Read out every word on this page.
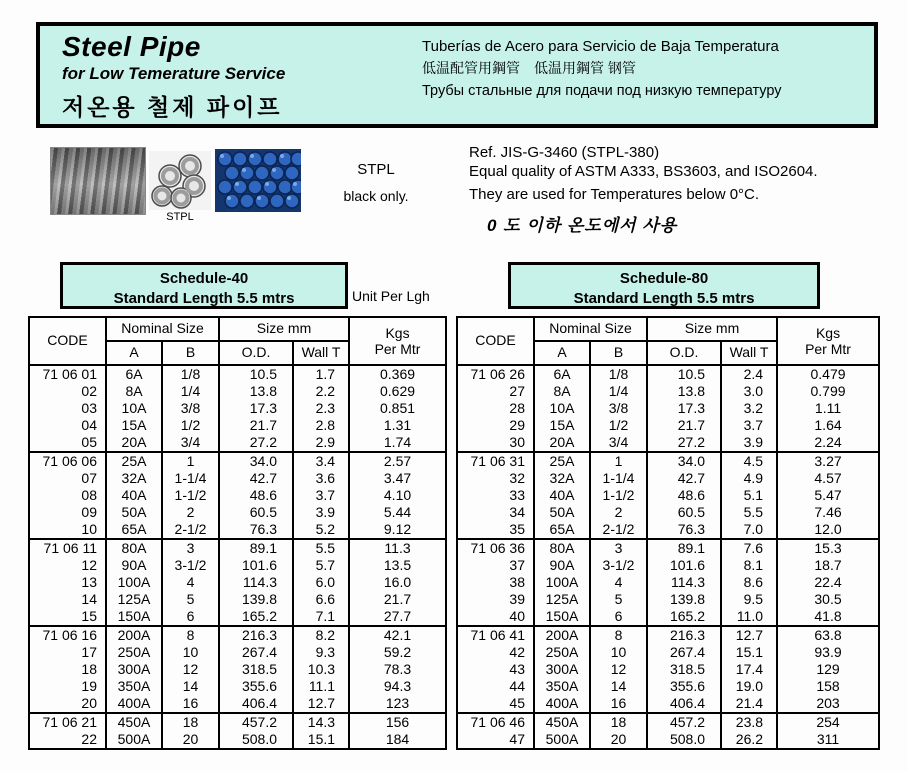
Steel Pipe
for Low Temerature Service
저온용 철제 파이프
Tuberías de Acero para Servicio de Baja Temperatura
低温配管用鋼管　低温用鋼管 钢管
Трубы стальные для подачи под низкую температуру
STPL
STPL
black only.
Ref. JIS-G-3460 (STPL-380)
Equal quality of ASTM A333, BS3603, and ISO2604.
They are used for Temperatures below 0°C.
0 도 이하 온도에서 사용
Schedule-40
Standard Length 5.5 mtrs
Schedule-80
Standard Length 5.5 mtrs
Unit Per Lgh
CODE	Nominal Size		Size mm		Kgs
Per Mtr

	A	B	O.D.	Wall T	
71 06 01	6A	1/8	10.5	1.7	0.369
02	8A	1/4	13.8	2.2	0.629
03	10A	3/8	17.3	2.3	0.851
04	15A	1/2	21.7	2.8	1.31
05	20A	3/4	27.2	2.9	1.74
71 06 06	25A	1	34.0	3.4	2.57
07	32A	1-1/4	42.7	3.6	3.47
08	40A	1-1/2	48.6	3.7	4.10
09	50A	2	60.5	3.9	5.44
10	65A	2-1/2	76.3	5.2	9.12
71 06 11	80A	3	89.1	5.5	11.3
12	90A	3-1/2	101.6	5.7	13.5
13	100A	4	114.3	6.0	16.0
14	125A	5	139.8	6.6	21.7
15	150A	6	165.2	7.1	27.7
71 06 16	200A	8	216.3	8.2	42.1
17	250A	10	267.4	9.3	59.2
18	300A	12	318.5	10.3	78.3
19	350A	14	355.6	11.1	94.3
20	400A	16	406.4	12.7	123
71 06 21	450A	18	457.2	14.3	156
22	500A	20	508.0	15.1	184
CODE	Nominal Size		Size mm		Kgs
Per Mtr

	A	B	O.D.	Wall T	
71 06 26	6A	1/8	10.5	2.4	0.479
27	8A	1/4	13.8	3.0	0.799
28	10A	3/8	17.3	3.2	1.11
29	15A	1/2	21.7	3.7	1.64
30	20A	3/4	27.2	3.9	2.24
71 06 31	25A	1	34.0	4.5	3.27
32	32A	1-1/4	42.7	4.9	4.57
33	40A	1-1/2	48.6	5.1	5.47
34	50A	2	60.5	5.5	7.46
35	65A	2-1/2	76.3	7.0	12.0
71 06 36	80A	3	89.1	7.6	15.3
37	90A	3-1/2	101.6	8.1	18.7
38	100A	4	114.3	8.6	22.4
39	125A	5	139.8	9.5	30.5
40	150A	6	165.2	11.0	41.8
71 06 41	200A	8	216.3	12.7	63.8
42	250A	10	267.4	15.1	93.9
43	300A	12	318.5	17.4	129
44	350A	14	355.6	19.0	158
45	400A	16	406.4	21.4	203
71 06 46	450A	18	457.2	23.8	254
47	500A	20	508.0	26.2	311
